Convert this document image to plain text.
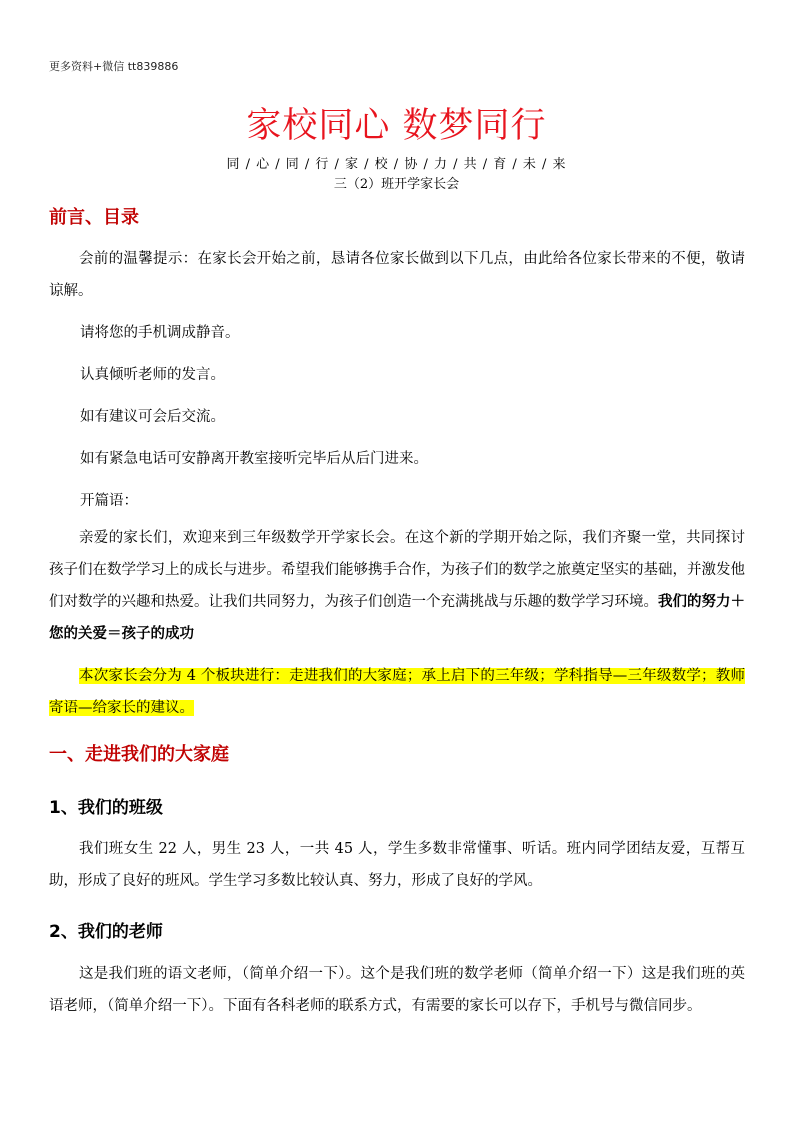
更多资料+微信 tt839886
家校同心 数梦同行
同 / 心 / 同 / 行 / 家 / 校 / 协 / 力 / 共 / 育 / 未 / 来
三（2）班开学家长会
前言、目录
会前的温馨提示：在家长会开始之前，恳请各位家长做到以下几点，由此给各位家长带来的不便，敬请谅解。
请将您的手机调成静音。
认真倾听老师的发言。
如有建议可会后交流。
如有紧急电话可安静离开教室接听完毕后从后门进来。
开篇语：
亲爱的家长们，欢迎来到三年级数学开学家长会。在这个新的学期开始之际，我们齐聚一堂，共同探讨孩子们在数学学习上的成长与进步。希望我们能够携手合作，为孩子们的数学之旅奠定坚实的基础，并激发他们对数学的兴趣和热爱。让我们共同努力，为孩子们创造一个充满挑战与乐趣的数学学习环境。我们的努力＋您的关爱＝孩子的成功
本次家长会分为 4 个板块进行：走进我们的大家庭；承上启下的三年级；学科指导—三年级数学；教师寄语—给家长的建议。
一、走进我们的大家庭
1、我们的班级
我们班女生 22 人，男生 23 人，一共 45 人，学生多数非常懂事、听话。班内同学团结友爱，互帮互助，形成了良好的班风。学生学习多数比较认真、努力，形成了良好的学风。
2、我们的老师
这是我们班的语文老师，（简单介绍一下）。这个是我们班的数学老师（简单介绍一下）这是我们班的英语老师，（简单介绍一下）。下面有各科老师的联系方式，有需要的家长可以存下，手机号与微信同步。
